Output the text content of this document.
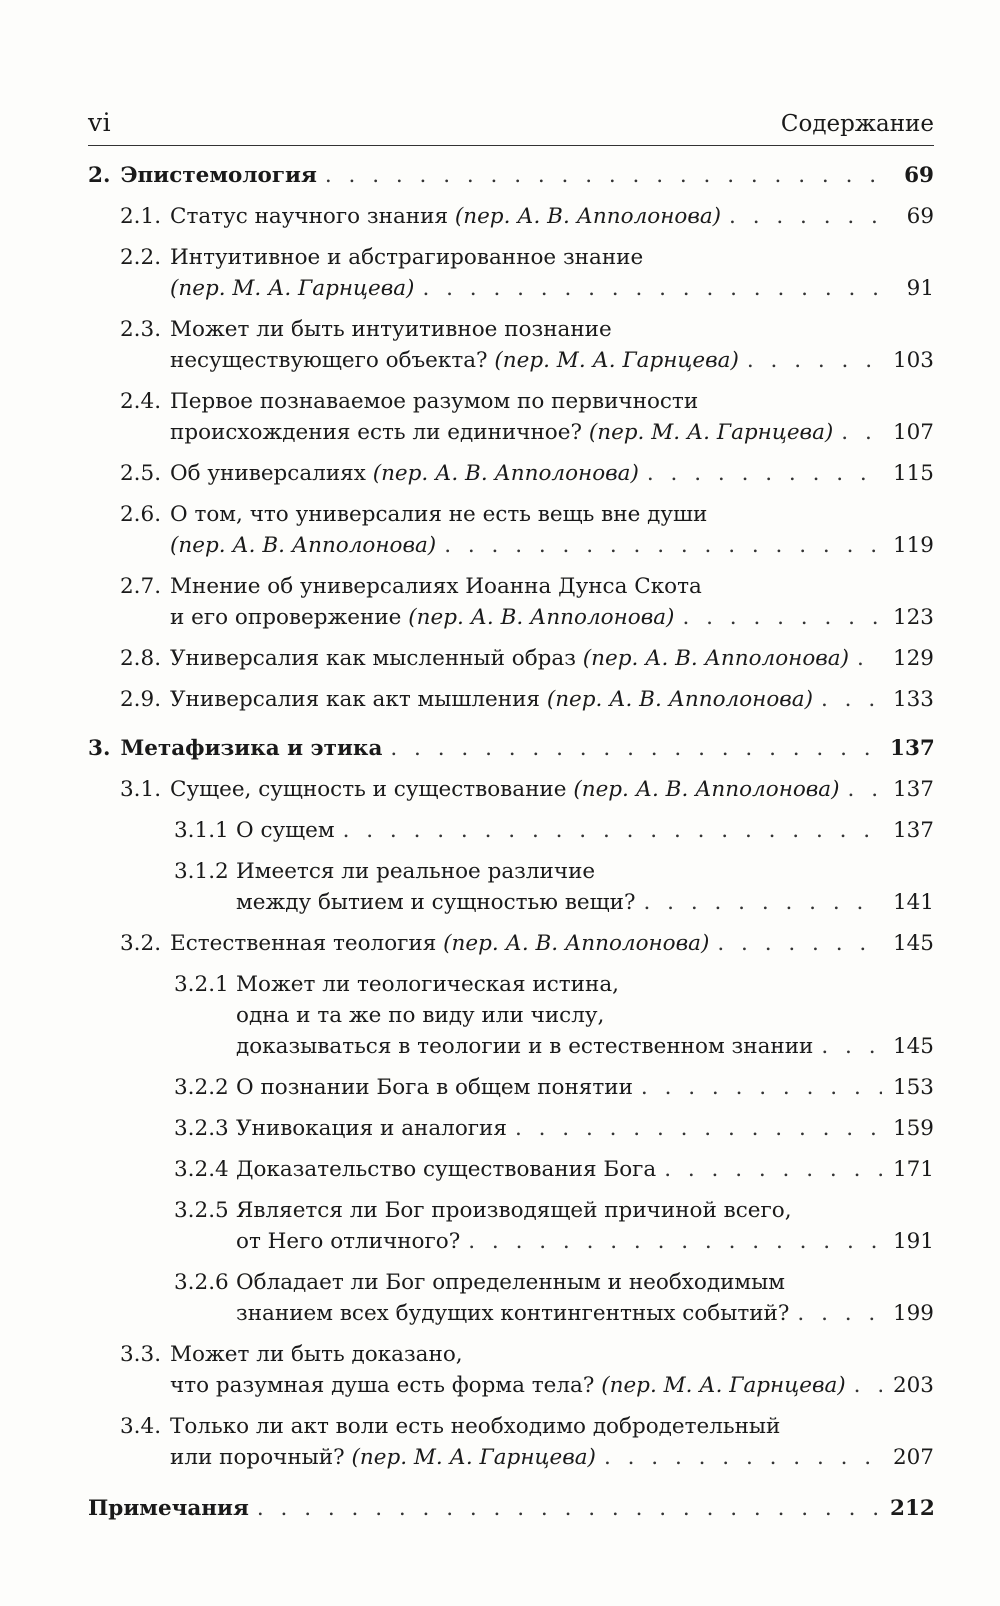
vi	Содержание
2. Эпистемология . . .	69
2.1. Статус научного знания (пер. А. В. Апполонова) . . .	69
2.2. Интуитивное и абстрагированное знание
(пер. М. А. Гарнцева) . . .	91
2.3. Может ли быть интуитивное познание
несуществующего объекта? (пер. М. А. Гарнцева) . . .	103
2.4. Первое познаваемое разумом по первичности
происхождения есть ли единичное? (пер. М. А. Гарнцева) . . .	107
2.5. Об универсалиях (пер. А. В. Апполонова) . . .	115
2.6. О том, что универсалия не есть вещь вне души
(пер. А. В. Апполонова) . . .	119
2.7. Мнение об универсалиях Иоанна Дунса Скота
и его опровержение (пер. А. В. Апполонова) . . .	123
2.8. Универсалия как мысленный образ (пер. А. В. Апполонова) . . . 129
2.9. Универсалия как акт мышления (пер. А. В. Апполонова) . . .	133
3. Метафизика и этика . . .	137
3.1. Сущее, сущность и существование (пер. А. В. Апполонова) . . . 137
3.1.1 О сущем . . .	137
3.1.2 Имеется ли реальное различие
между бытием и сущностью вещи? . . .	141
3.2. Естественная теология (пер. А. В. Апполонова) . . .	145
3.2.1 Может ли теологическая истина,
одна и та же по виду или числу,
доказываться в теологии и в естественном знании . . .	145
3.2.2 О познании Бога в общем понятии . . .	153
3.2.3 Унивокация и аналогия . . .	159
3.2.4 Доказательство существования Бога . . .	171
3.2.5 Является ли Бог производящей причиной всего,
от Него отличного? . . .	191
3.2.6 Обладает ли Бог определенным и необходимым
знанием всех будущих контингентных событий? . . .	199
3.3. Может ли быть доказано,
что разумная душа есть форма тела? (пер. М. А. Гарнцева) . . . 203
3.4. Только ли акт воли есть необходимо добродетельный
или порочный? (пер. М. А. Гарнцева) . . .	207
Примечания . . .	212
